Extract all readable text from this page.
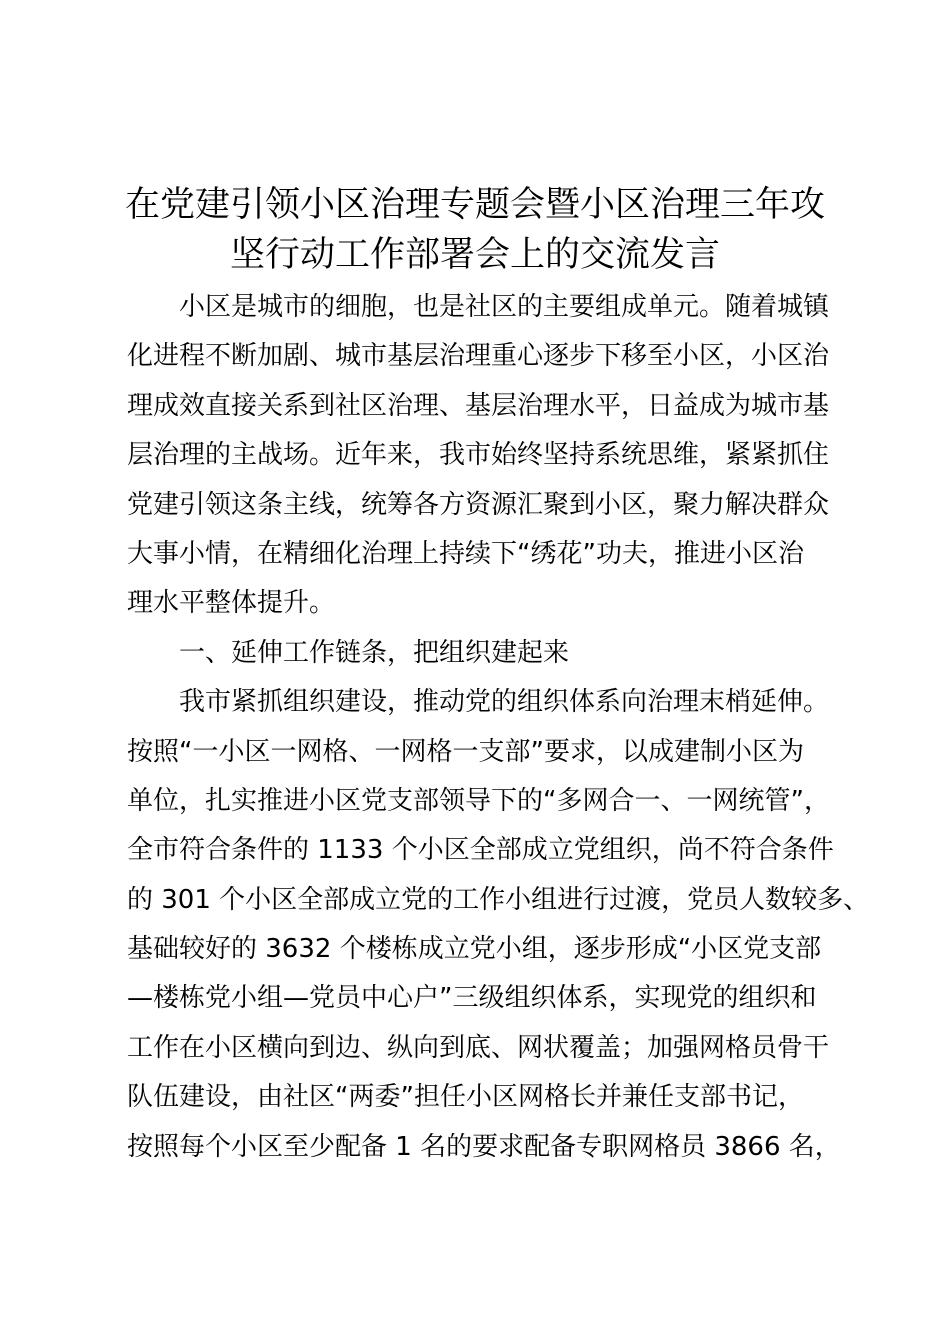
在党建引领小区治理专题会暨小区治理三年攻
坚行动工作部署会上的交流发言
小区是城市的细胞，也是社区的主要组成单元。随着城镇
化进程不断加剧、城市基层治理重心逐步下移至小区，小区治
理成效直接关系到社区治理、基层治理水平，日益成为城市基
层治理的主战场。近年来，我市始终坚持系统思维，紧紧抓住
党建引领这条主线，统筹各方资源汇聚到小区，聚力解决群众
大事小情，在精细化治理上持续下“绣花”功夫，推进小区治
理水平整体提升。
一、延伸工作链条，把组织建起来
我市紧抓组织建设，推动党的组织体系向治理末梢延伸。
按照“一小区一网格、一网格一支部”要求，以成建制小区为
单位，扎实推进小区党支部领导下的“多网合一、一网统管”，
全市符合条件的 1133 个小区全部成立党组织，尚不符合条件
的 301 个小区全部成立党的工作小组进行过渡，党员人数较多、
基础较好的 3632 个楼栋成立党小组，逐步形成“小区党支部
—楼栋党小组—党员中心户”三级组织体系，实现党的组织和
工作在小区横向到边、纵向到底、网状覆盖；加强网格员骨干
队伍建设，由社区“两委”担任小区网格长并兼任支部书记，
按照每个小区至少配备 1 名的要求配备专职网格员 3866 名，
